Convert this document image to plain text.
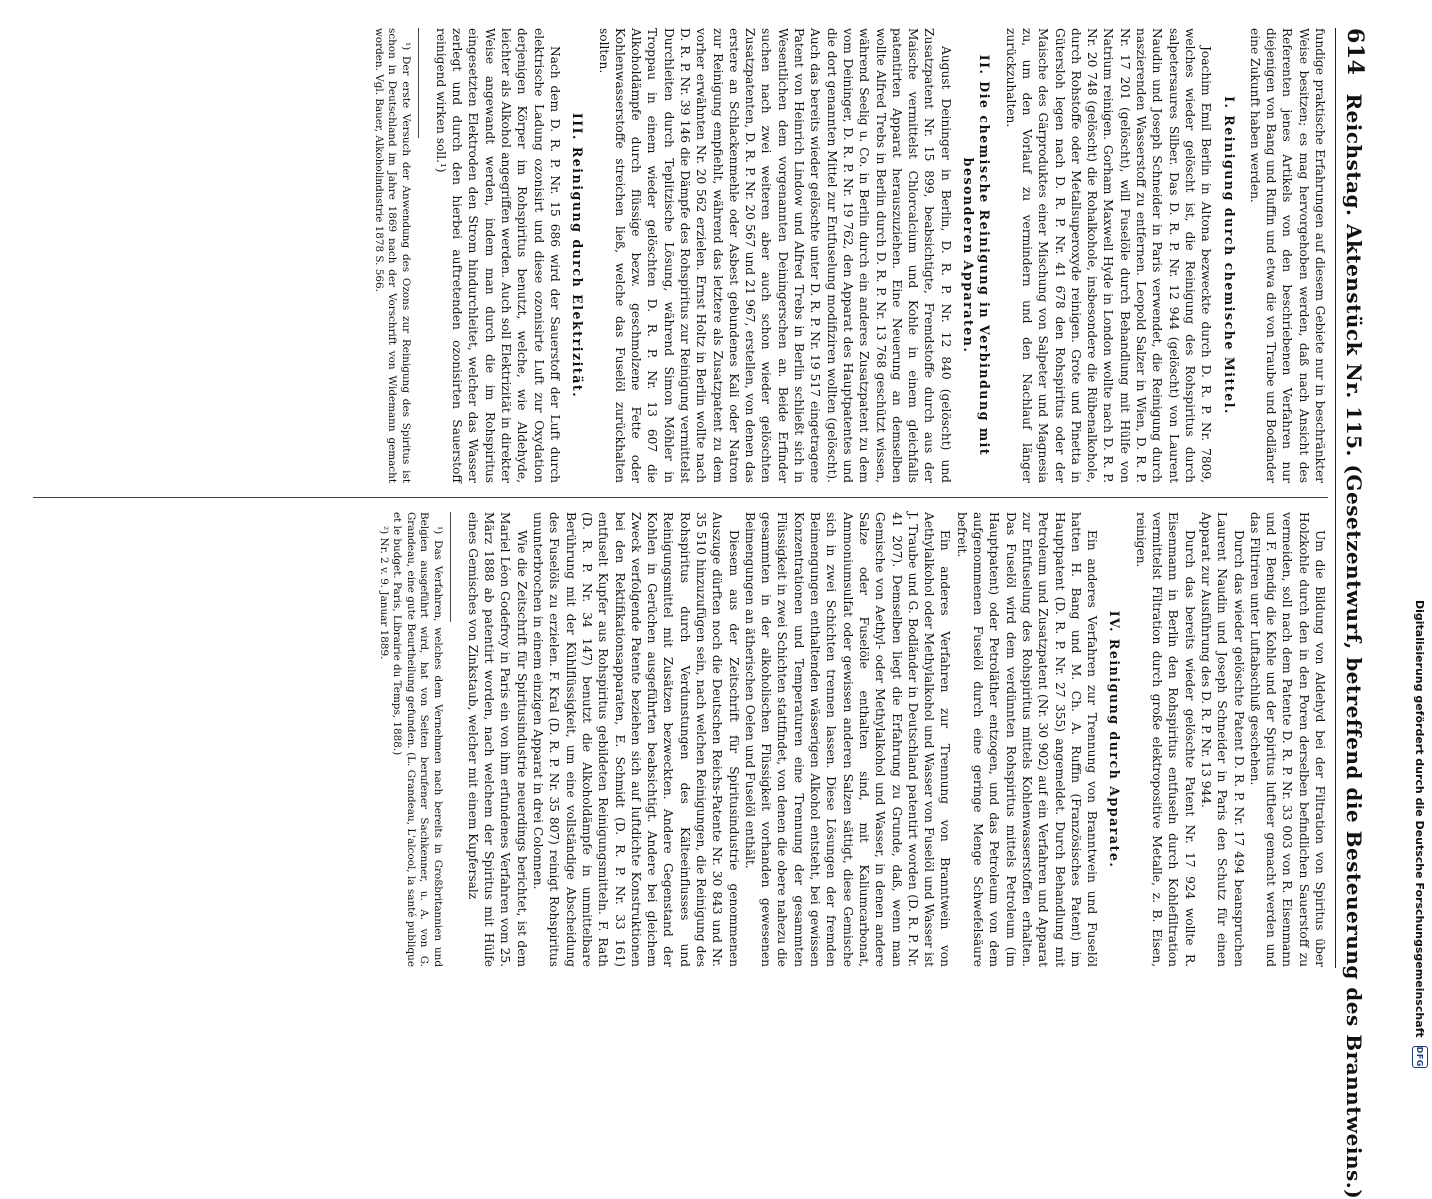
614
Reichstag. Aktenstück Nr. 115. (Gesetzentwurf, betreffend die Besteuerung des Branntweins.)

fundige praktische Erfahrungen auf diesem Gebiete nur in beschränkter Weise besitzen; es mag hervorgehoben werden, daß nach Ansicht des Referenten jenes Artikels von den beschriebenen Verfahren nur diejenigen von Bang und Ruffin und etwa die von Traube und Bodländer eine Zukunft haben werden.

I. Reinigung durch chemische Mittel.

Joachim Emil Berlin in Altona bezweckte durch D. R. P. Nr. 7809, welches wieder gelöscht ist, die Reinigung des Rohspiritus durch salpetersaures Silber. Das D. R. P. Nr. 12 944 (gelöscht) von Laurent Naudin und Joseph Schneider in Paris verwendet, die Reinigung durch naszierenden Wasserstoff zu entfernen. Leopold Salzer in Wien, D. R. P. Nr. 17 201 (gelöscht), will Fuselöle durch Behandlung mit Hülfe von Natrium reinigen. Gorham Maxwell Hyde in London wollte nach D. R. P. Nr. 20 748 (gelöscht) die Rohalkohole, insbesondere die Rübenalkohole, durch Rohstoffe oder Metallsuperoxyde reinigen. Grote und Pinetta in Gütersloh legen nach D. R. P. Nr. 41 678 den Rohspiritus oder der Maische des Gärproduktes einer Mischung von Salpeter und Magnesia zu, um den Vorlauf zu vermindern und den Nachlauf länger zurückzuhalten.

II. Die chemische Reinigung in Verbindung mit besonderen Apparaten.

August Deininger in Berlin, D. R. P. Nr. 12 840 (gelöscht) und Zusatzpatent Nr. 15 899, beabsichtigte, Fremdstoffe durch aus der Maische vermittelst Chlorcalcium und Kohle in einem gleichfalls patentirten Apparat herauszuziehen. Eine Neuerung an demselben wollte Alfred Trebs in Berlin durch D. R. P. Nr. 13 768 geschützt wissen, während Seelig u. Co. in Berlin durch ein anderes Zusatzpatent zu dem vom Deininger, D. R. P. Nr. 19 762, den Apparat des Hauptpatentes und die dort genannten Mittel zur Entfuselung modifiziren wollten (gelöscht). Auch das bereits wieder gelöschte unter D. R. P. Nr. 19 517 eingetragene Patent von Heinrich Lindow und Alfred Trebs in Berlin schließt sich in Wesentlichen dem vorgenannten Deiningerschen an. Beide Erfinder suchen nach zwei weiteren aber auch schon wieder gelöschten Zusatzpatenten, D. R. P. Nr. 20 567 und 21 967, erstellen, von denen das erstere an Schlackenmehle oder Asbest gebundenes Kali oder Natron zur Reinigung empfiehlt, während das letztere als Zusatzpatent zu dem vorher erwähnten Nr. 20 562 erzielen. Ernst Holtz in Berlin wollte nach D. R. P. Nr. 39 146 die Dämpfe des Rohspiritus zur Reinigung vermittelst Durchleiten durch Teplitzische Lösung, während Simon Möhler in Troppau in einem wieder gelöschten D. R. P. Nr. 13 607 die Alkoholdämpfe durch flüssige bezw. geschmolzene Fette oder Kohlenwasserstoffe streichen ließ, welche das Fuselöl zurückhalten sollten.

III. Reinigung durch Elektrizität.

Nach dem D. R. P. Nr. 15 686 wird der Sauerstoff der Luft durch elektrische Ladung ozonisirt und diese ozonisirte Luft zur Oxydation derjenigen Körper im Rohspiritus benutzt, welche, wie Aldehyde, leichter als Alkohol angegriffen werden. Auch soll Elektrizität in direkter Weise angewandt werden, indem man durch die im Rohspiritus eingesetzten Elektroden den Strom hindurchleitet, welcher das Wasser zerlegt und durch den hierbei auftretenden ozonisirten Sauerstoff reinigend wirken soll.¹)

¹) Der erste Versuch der Anwendung des Ozons zur Reinigung des Spiritus ist schon in Deutschland im Jahre 1869 nach der Vorschrift von Widemann gemacht worden. Vgl. Bauer, Alkoholindustrie 1878 S. 566.

Um die Bildung von Aldehyd bei der Filtration von Spiritus über Holzkohle durch den in den Poren derselben befindlichen Sauerstoff zu vermeiden, soll nach dem Patente D. R. P. Nr. 33 003 von R. Eisenmann und F. Bendig die Kohle und der Spiritus luftleer gemacht werden und das Filtriren unter Luftabschluß geschehen.

Durch das wieder gelöschte Patent D. R. P. Nr. 17 494 beanspruchen Laurent Naudin und Joseph Schneider in Paris den Schutz für einen Apparat zur Ausführung des D. R. P. Nr. 13 944.

Durch das bereits wieder gelöschte Patent Nr. 17 924 wollte R. Eisenmann in Berlin den Rohspiritus entfuseln durch Kohlefiltration vermittelst Filtration durch große elektropositive Metalle, z. B. Eisen, reinigen.

IV. Reinigung durch Apparate.

Ein anderes Verfahren zur Trennung von Branntwein und Fuselöl hatten H. Bang und M. Ch. A. Ruffin (Französisches Patent) im Hauptpatent (D. R. P. Nr. 27 355) angemeldet. Durch Behandlung mit Petroleum und Zusatzpatent (Nr. 30 902) auf ein Verfahren und Apparat zur Entfuselung des Rohspiritus mittels Kohlenwasserstoffen erhalten. Das Fuselöl wird dem verdünnten Rohspiritus mittels Petroleum (im Hauptpatent) oder Petroläther entzogen, und das Petroleum von dem aufgenommenen Fuselöl durch eine geringe Menge Schwefelsäure befreit.

Ein anderes Verfahren zur Trennung von Branntwein von Aethylalkohol oder Methylalkohol und Wasser von Fuselöl und Wasser ist J. Traube und G. Bodländer in Deutschland patentirt worden (D. R. P. Nr. 41 207). Demselben liegt die Erfahrung zu Grunde, daß, wenn man Gemische von Aethyl- oder Methylalkohol und Wasser, in denen andere Salze oder Fuselöle enthalten sind, mit Kaliumcarbonat, Ammoniumsulfat oder gewissen anderen Salzen sättigt, diese Gemische sich in zwei Schichten trennen lassen. Diese Lösungen der fremden Beimengungen enthaltenden wässerigen Alkohol entsteht, bei gewissen Konzentrationen und Temperaturen eine Trennung der gesammten Flüssigkeit in zwei Schichten stattfindet, von denen die obere nahezu die gesammten in der alkoholischen Flüssigkeit vorhanden gewesenen Beimengungen an ätherischen Oelen und Fuselöl enthält.

Diesem aus der Zeitschrift für Spiritusindustrie genommenen Auszuge dürften noch die Deutschen Reichs-Patente Nr. 30 843 und Nr. 35 510 hinzuzufügen sein, nach welchen Reinigungen, die Reinigung des Rohspiritus durch Verdunstungen des Kälteeinflusses und Reinigungsmittel mit Zusätzen bezweckten. Andere Gegenstand der Kohlen in Gerüchen ausgeführten beabsichtigt. Andere bei gleichem Zweck verfolgende Patente beziehen sich auf luftdichte Konstruktionen bei den Rektifikationsapparaten, E. Schmidt (D. R. P. Nr. 33 161) entfuselt Kupfer aus Rohspiritus gebildeten Reinigungsmitteln. F. Rath (D. R. P. Nr. 34 147) benutzt die Alkoholdämpfe in unmittelbare Berührung mit der Kühlflüssigkeit, um eine vollständige Abscheidung des Fuselöls zu erzielen. F. Kral (D. R. P. Nr. 35 807) reinigt Rohspiritus ununterbrochen in einem einzigen Apparat in drei Colonnen.

Wie die Zeitschrift für Spiritusindustrie neuerdings berichtet, ist dem Mariel Léon Godefroy in Paris ein von ihm erfundenes Verfahren vom 25. März 1888 ab patentirt worden, nach welchem der Spiritus mit Hülfe eines Gemisches von Zinkstaub, welcher mit einem Kupfersalz

¹) Das Verfahren, welches dem Vernehmen nach bereits in Großbritannien und Belgien ausgeführt wird, hat von Seiten berufener Sachkenner, u. A. von G. Grandeau, eine gute Beurtheilung gefunden. (L. Grandeau, L'alcool, la santé publique et le budget. Paris, Librairie du Temps, 1888.)

²) Nr. 2 v. 9. Januar 1889.

Digitalisierung gefördert durch die Deutsche Forschungsgemeinschaft
DFG
